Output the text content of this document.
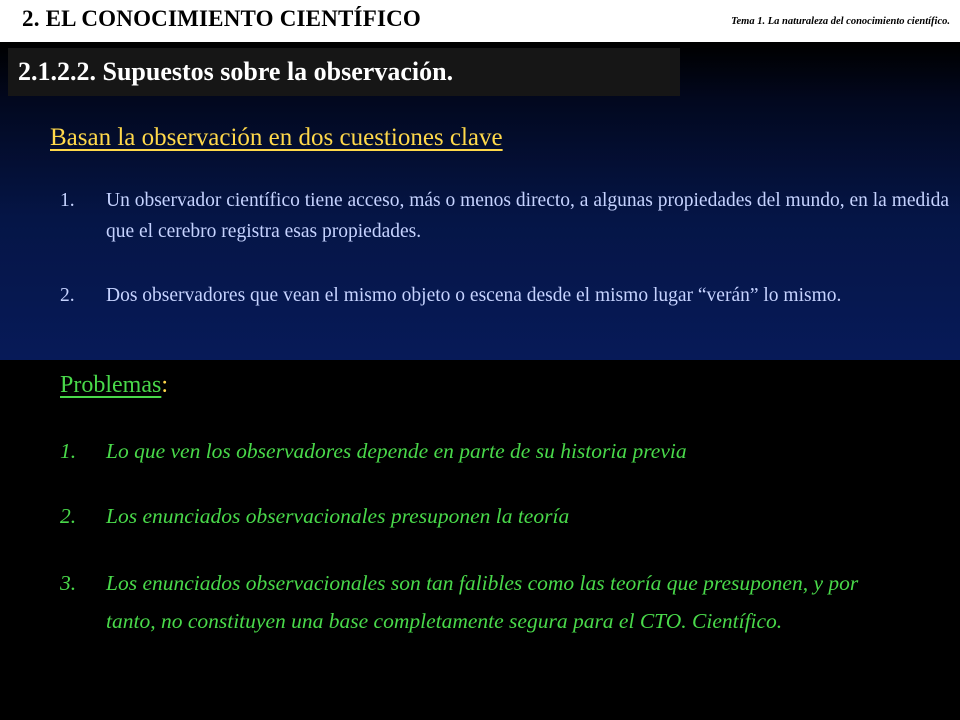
2. EL CONOCIMIENTO CIENTÍFICO	Tema 1. La naturaleza del conocimiento científico.
2.1.2.2. Supuestos sobre la observación.
Basan la observación en dos cuestiones clave
1.	Un observador científico tiene acceso, más o menos directo, a algunas propiedades del mundo, en la medida que el cerebro registra esas propiedades.
2.	Dos observadores que vean el mismo objeto o escena desde el mismo lugar “verán” lo mismo.
Problemas:
1.	Lo que ven los observadores depende en parte de su historia previa
2.	Los enunciados observacionales presuponen la teoría
3.	Los enunciados observacionales son tan falibles como las teoría que presuponen, y por tanto, no constituyen una base completamente segura para el CTO. Científico.
